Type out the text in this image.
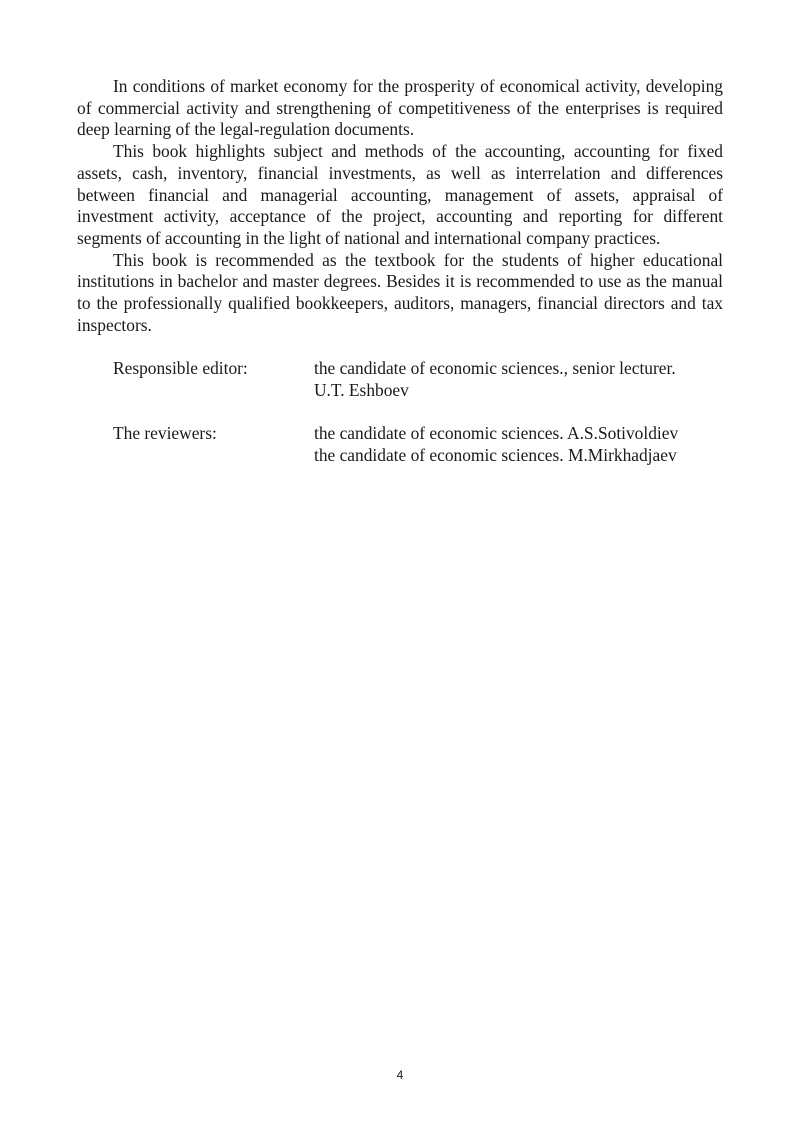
In conditions of market economy for the prosperity of economical activity, developing of commercial activity and strengthening of competitiveness of the enterprises is required deep learning of the legal-regulation documents.

This book highlights subject and methods of the accounting, accounting for fixed assets, cash, inventory, financial investments, as well as interrelation and differences between financial and managerial accounting, management of assets, appraisal of investment activity, acceptance of the project, accounting and reporting for different segments of accounting in the light of national and international company practices.

This book is recommended as the textbook for the students of higher educational institutions in bachelor and master degrees. Besides it is recommended to use as the manual to the professionally qualified bookkeepers, auditors, managers, financial directors and tax inspectors.

Responsible editor:	the candidate of economic sciences., senior lecturer.
U.T. Eshboev
The reviewers:	the candidate of economic sciences. A.S.Sotivoldiev
the candidate of economic sciences. M.Mirkhadjaev
4
